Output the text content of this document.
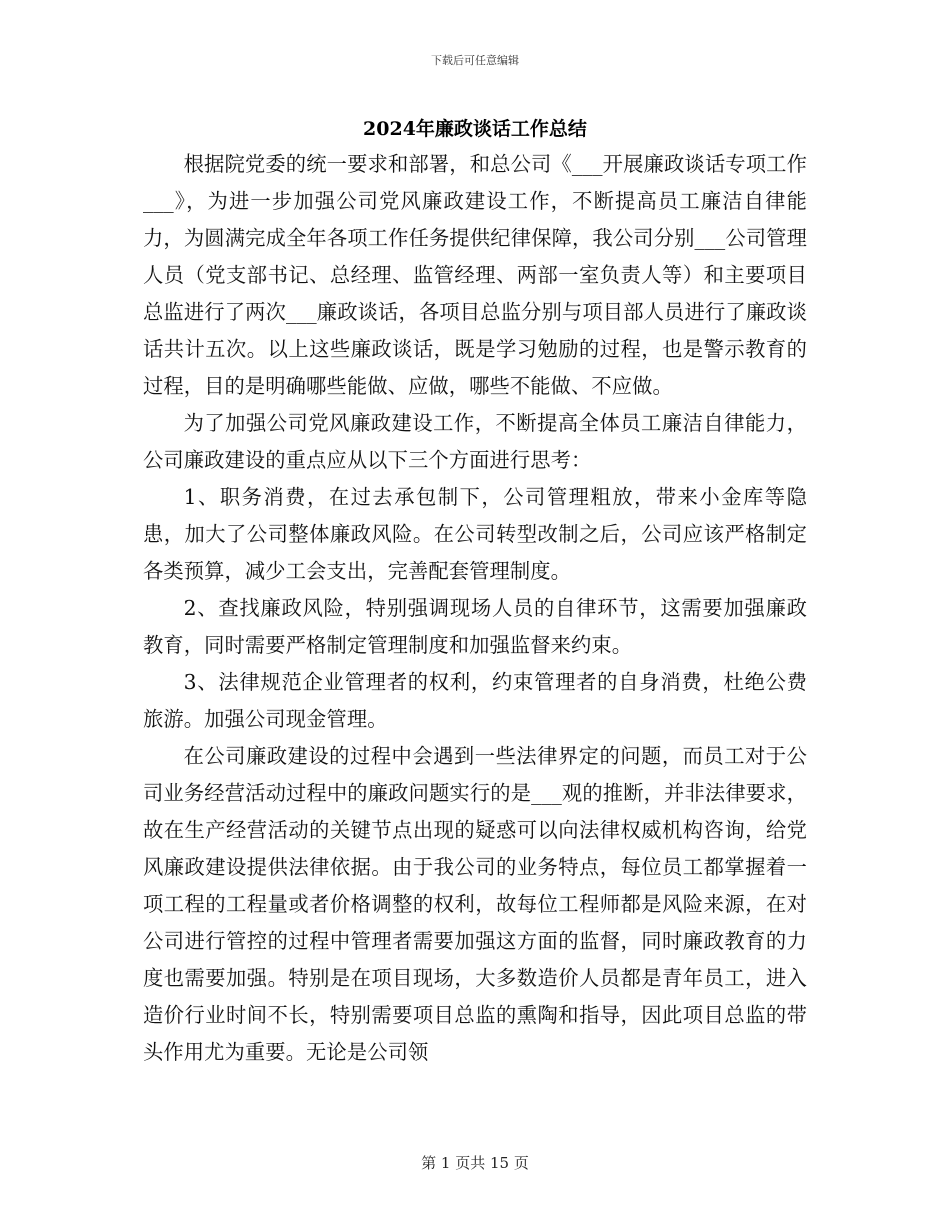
下载后可任意编辑
2024年廉政谈话工作总结

根据院党委的统一要求和部署，和总公司《___开展廉政谈话专项工作___》，为进一步加强公司党风廉政建设工作，不断提高员工廉洁自律能力，为圆满完成全年各项工作任务提供纪律保障，我公司分别___公司管理人员（党支部书记、总经理、监管经理、两部一室负责人等）和主要项目总监进行了两次___廉政谈话，各项目总监分别与项目部人员进行了廉政谈话共计五次。以上这些廉政谈话，既是学习勉励的过程，也是警示教育的过程，目的是明确哪些能做、应做，哪些不能做、不应做。

为了加强公司党风廉政建设工作，不断提高全体员工廉洁自律能力，公司廉政建设的重点应从以下三个方面进行思考：

1、职务消费，在过去承包制下，公司管理粗放，带来小金库等隐患，加大了公司整体廉政风险。在公司转型改制之后，公司应该严格制定各类预算，减少工会支出，完善配套管理制度。

2、查找廉政风险，特别强调现场人员的自律环节，这需要加强廉政教育，同时需要严格制定管理制度和加强监督来约束。

3、法律规范企业管理者的权利，约束管理者的自身消费，杜绝公费旅游。加强公司现金管理。

在公司廉政建设的过程中会遇到一些法律界定的问题，而员工对于公司业务经营活动过程中的廉政问题实行的是___观的推断，并非法律要求，故在生产经营活动的关键节点出现的疑惑可以向法律权威机构咨询，给党风廉政建设提供法律依据。由于我公司的业务特点，每位员工都掌握着一项工程的工程量或者价格调整的权利，故每位工程师都是风险来源，在对公司进行管控的过程中管理者需要加强这方面的监督，同时廉政教育的力度也需要加强。特别是在项目现场，大多数造价人员都是青年员工，进入造价行业时间不长，特别需要项目总监的熏陶和指导，因此项目总监的带头作用尤为重要。无论是公司领

第 1 页共 15 页
